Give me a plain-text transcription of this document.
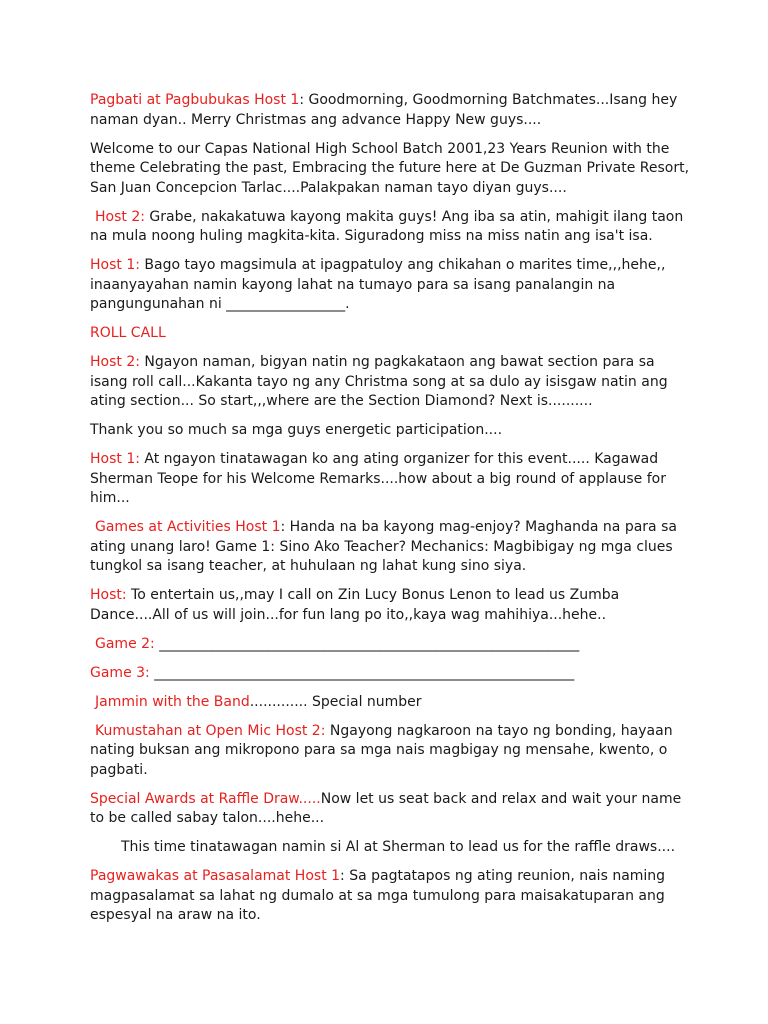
Pagbati at Pagbubukas Host 1: Goodmorning, Goodmorning Batchmates...Isang hey naman dyan.. Merry Christmas ang advance Happy New guys....

Welcome to our Capas National High School Batch 2001,23 Years Reunion with the theme Celebrating the past, Embracing the future here at De Guzman Private Resort, San Juan Concepcion Tarlac....Palakpakan naman tayo diyan guys....

Host 2: Grabe, nakakatuwa kayong makita guys! Ang iba sa atin, mahigit ilang taon na mula noong huling magkita-kita. Siguradong miss na miss natin ang isa't isa.

Host 1: Bago tayo magsimula at ipagpatuloy ang chikahan o marites time,,,hehe,, inaanyayahan namin kayong lahat na tumayo para sa isang panalangin na pangungunahan ni _________________.

ROLL CALL

Host 2: Ngayon naman, bigyan natin ng pagkakataon ang bawat section para sa isang roll call...Kakanta tayo ng any Christma song at sa dulo ay isisgaw natin ang ating section... So start,,,where are the Section Diamond? Next is..........

Thank you so much sa mga guys energetic participation....

Host 1: At ngayon tinatawagan ko ang ating organizer for this event..... Kagawad Sherman Teope for his Welcome Remarks....how about a big round of applause for him...

Games at Activities Host 1: Handa na ba kayong mag-enjoy? Maghanda na para sa ating unang laro! Game 1: Sino Ako Teacher? Mechanics: Magbibigay ng mga clues tungkol sa isang teacher, at huhulaan ng lahat kung sino siya.

Host: To entertain us,,may I call on Zin Lucy Bonus Lenon to lead us Zumba Dance....All of us will join...for fun lang po ito,,kaya wag mahihiya...hehe..

Game 2: ____________________________________________________________

Game 3: ____________________________________________________________

Jammin with the Band............. Special number

Kumustahan at Open Mic Host 2: Ngayong nagkaroon na tayo ng bonding, hayaan nating buksan ang mikropono para sa mga nais magbigay ng mensahe, kwento, o pagbati.

Special Awards at Raffle Draw.....Now let us seat back and relax and wait your name to be called sabay talon....hehe...

This time tinatawagan namin si Al at Sherman to lead us for the raffle draws....

Pagwawakas at Pasasalamat Host 1: Sa pagtatapos ng ating reunion, nais naming magpasalamat sa lahat ng dumalo at sa mga tumulong para maisakatuparan ang espesyal na araw na ito.
